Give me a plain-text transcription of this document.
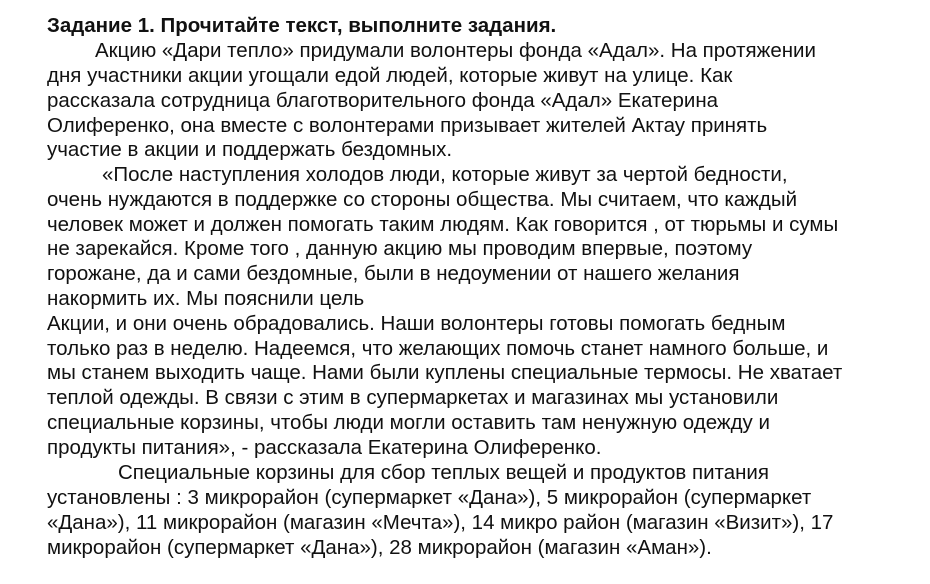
Задание 1. Прочитайте текст, выполните задания.
Акцию «Дари тепло» придумали волонтеры фонда «Адал». На протяжении
дня участники акции угощали едой людей, которые живут на улице. Как
рассказала сотрудница благотворительного фонда «Адал» Екатерина
Олиференко, она вместе с волонтерами призывает жителей Актау принять
участие в акции и поддержать бездомных.
«После наступления холодов люди, которые живут за чертой бедности,
очень нуждаются в поддержке со стороны общества. Мы считаем, что каждый
человек может и должен помогать таким людям. Как говорится , от тюрьмы и сумы
не зарекайся. Кроме того , данную акцию мы проводим впервые, поэтому
горожане, да и сами бездомные, были в недоумении от нашего желания
накормить их. Мы пояснили цель
Акции, и они очень обрадовались. Наши волонтеры готовы помогать бедным
только раз в неделю. Надеемся, что желающих помочь станет намного больше, и
мы станем выходить чаще. Нами были куплены специальные термосы. Не хватает
теплой одежды. В связи с этим в супермаркетах и магазинах мы установили
специальные корзины, чтобы люди могли оставить там ненужную одежду и
продукты питания», - рассказала Екатерина Олиференко.
Специальные корзины для сбор теплых вещей и продуктов питания
установлены : 3 микрорайон (супермаркет «Дана»), 5 микрорайон (супермаркет
«Дана»), 11 микрорайон (магазин «Мечта»), 14 микро район (магазин «Визит»), 17
микрорайон (супермаркет «Дана»), 28 микрорайон (магазин «Аман»).
